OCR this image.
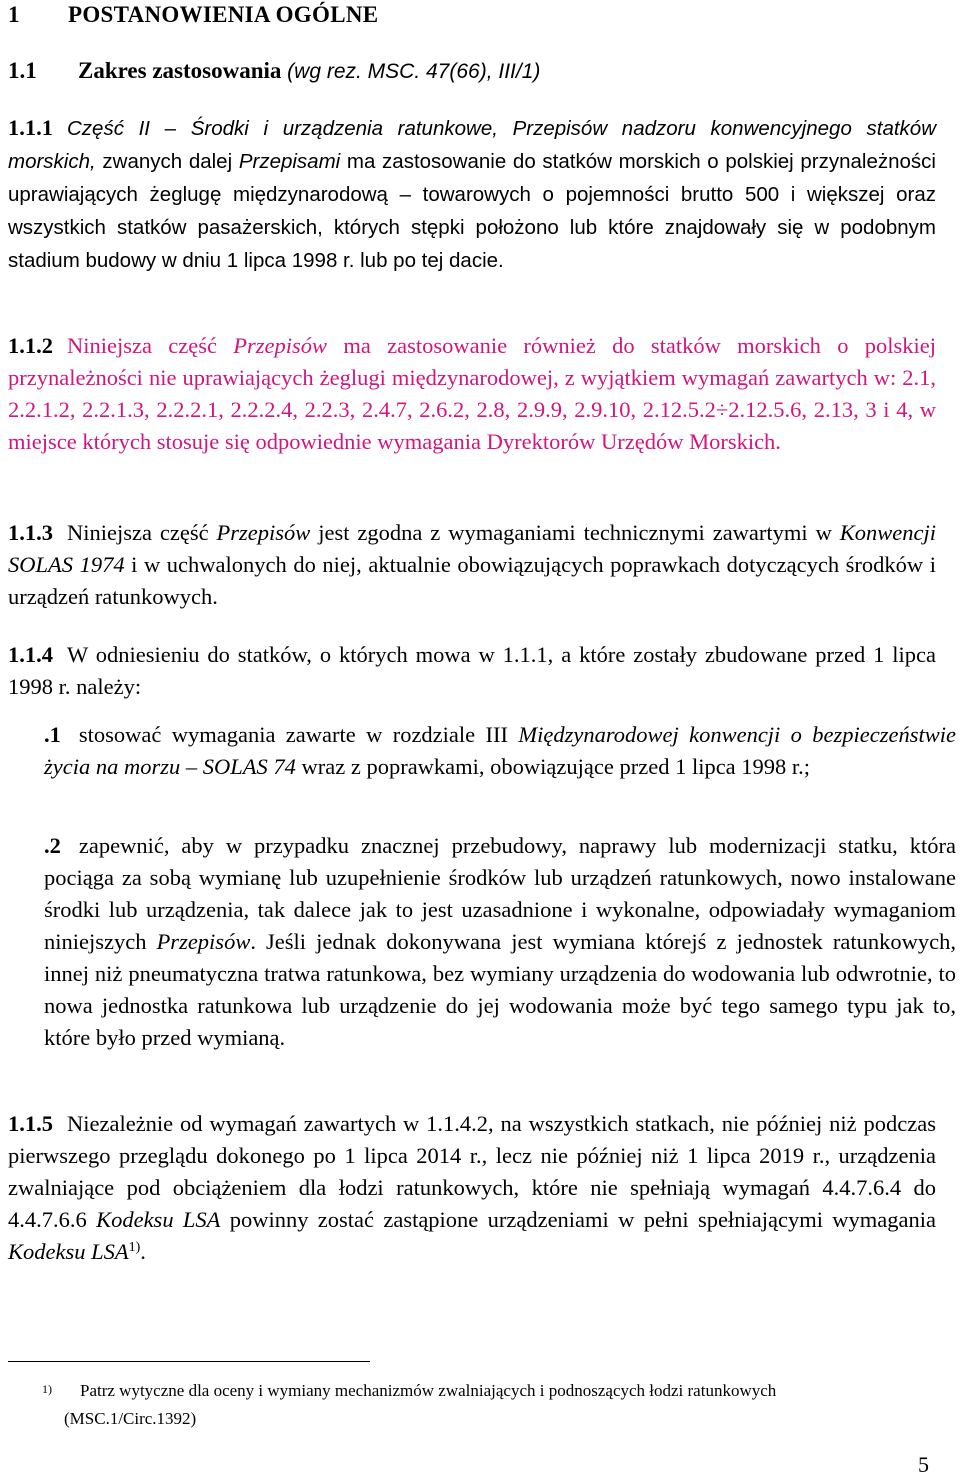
1 POSTANOWIENIA OGÓLNE
1.1 Zakres zastosowania (wg rez. MSC. 47(66), III/1)
1.1.1 Część II – Środki i urządzenia ratunkowe, Przepisów nadzoru konwencyjnego statków morskich, zwanych dalej Przepisami ma zastosowanie do statków morskich o polskiej przynależności uprawiających żeglugę międzynarodową – towarowych o pojemności brutto 500 i większej oraz wszystkich statków pasażerskich, których stępki położono lub które znajdowały się w podobnym stadium budowy w dniu 1 lipca 1998 r. lub po tej dacie.
1.1.2 Niniejsza część Przepisów ma zastosowanie również do statków morskich o polskiej przynależności nie uprawiających żeglugi międzynarodowej, z wyjątkiem wymagań zawartych w: 2.1, 2.2.1.2, 2.2.1.3, 2.2.2.1, 2.2.2.4, 2.2.3, 2.4.7, 2.6.2, 2.8, 2.9.9, 2.9.10, 2.12.5.2÷2.12.5.6, 2.13, 3 i 4, w miejsce których stosuje się odpowiednie wymagania Dyrektorów Urzędów Morskich.
1.1.3 Niniejsza część Przepisów jest zgodna z wymaganiami technicznymi zawartymi w Konwencji SOLAS 1974 i w uchwalonych do niej, aktualnie obowiązujących poprawkach dotyczących środków i urządzeń ratunkowych.
1.1.4 W odniesieniu do statków, o których mowa w 1.1.1, a które zostały zbudowane przed 1 lipca 1998 r. należy:
.1 stosować wymagania zawarte w rozdziale III Międzynarodowej konwencji o bezpieczeństwie życia na morzu – SOLAS 74 wraz z poprawkami, obowiązujące przed 1 lipca 1998 r.;
.2 zapewnić, aby w przypadku znacznej przebudowy, naprawy lub modernizacji statku, która pociąga za sobą wymianę lub uzupełnienie środków lub urządzeń ratunkowych, nowo instalowane środki lub urządzenia, tak dalece jak to jest uzasadnione i wykonalne, odpowiadały wymaganiom niniejszych Przepisów. Jeśli jednak dokonywana jest wymiana którejś z jednostek ratunkowych, innej niż pneumatyczna tratwa ratunkowa, bez wymiany urządzenia do wodowania lub odwrotnie, to nowa jednostka ratunkowa lub urządzenie do jej wodowania może być tego samego typu jak to, które było przed wymianą.
1.1.5 Niezależnie od wymagań zawartych w 1.1.4.2, na wszystkich statkach, nie później niż podczas pierwszego przeglądu dokonego po 1 lipca 2014 r., lecz nie później niż 1 lipca 2019 r., urządzenia zwalniające pod obciążeniem dla łodzi ratunkowych, które nie spełniają wymagań 4.4.7.6.4 do 4.4.7.6.6 Kodeksu LSA powinny zostać zastąpione urządzeniami w pełni spełniającymi wymagania Kodeksu LSA$^{1)}$.
1) Patrz wytyczne dla oceny i wymiany mechanizmów zwalniających i podnoszących łodzi ratunkowych
(MSC.1/Circ.1392)
5
